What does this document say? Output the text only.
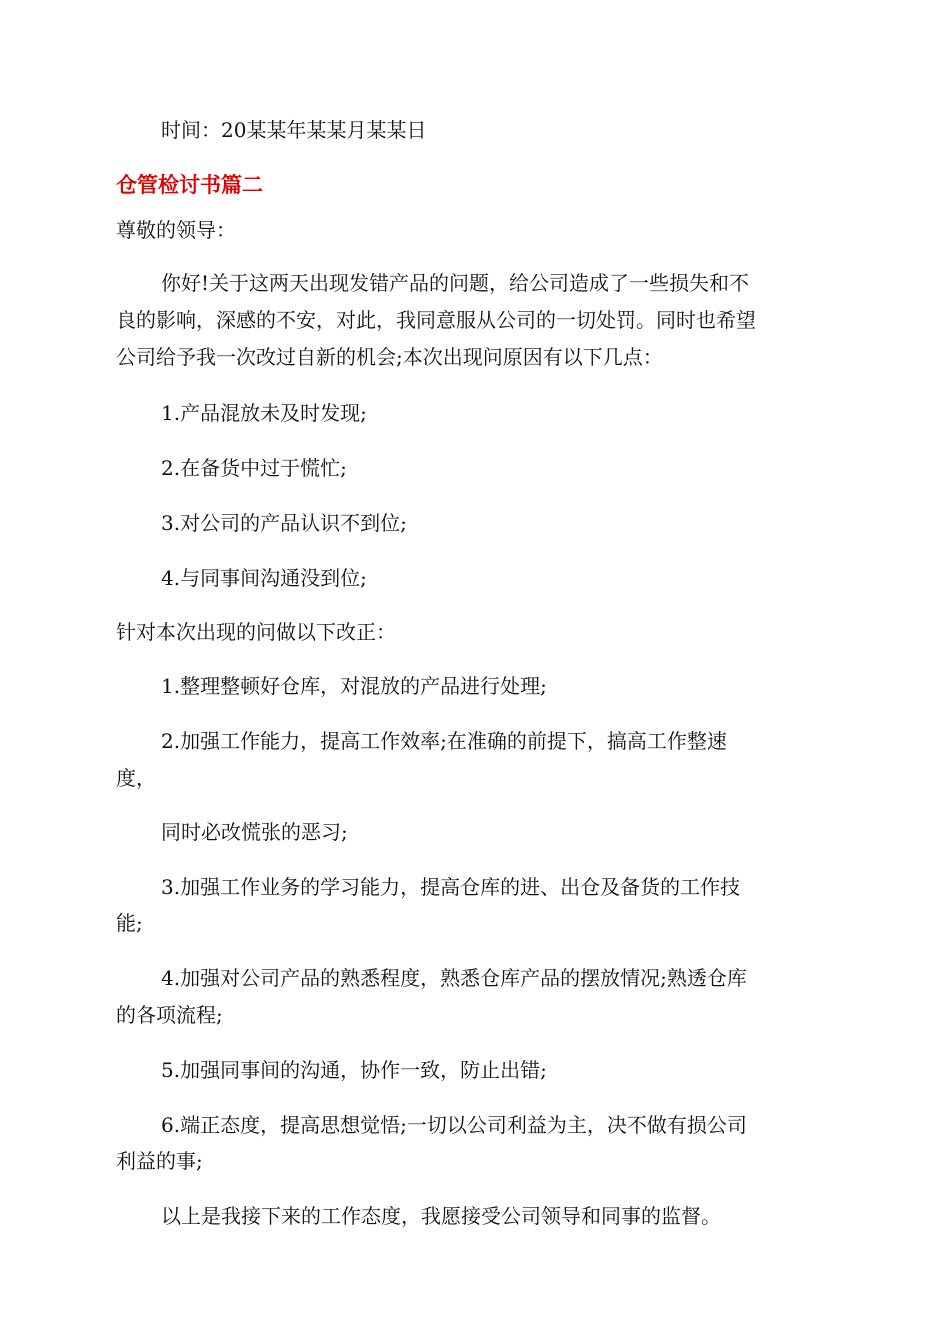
时间：20某某年某某月某某日

仓管检讨书篇二

尊敬的领导：

你好!关于这两天出现发错产品的问题，给公司造成了一些损失和不

良的影响，深感的不安，对此，我同意服从公司的一切处罚。同时也希望

公司给予我一次改过自新的机会;本次出现问原因有以下几点：

1.产品混放未及时发现;

2.在备货中过于慌忙;

3.对公司的产品认识不到位;

4.与同事间沟通没到位;

针对本次出现的问做以下改正：

1.整理整顿好仓库，对混放的产品进行处理;

2.加强工作能力，提高工作效率;在准确的前提下，搞高工作整速

度，

同时必改慌张的恶习;

3.加强工作业务的学习能力，提高仓库的进、出仓及备货的工作技

能;

4.加强对公司产品的熟悉程度，熟悉仓库产品的摆放情况;熟透仓库

的各项流程;

5.加强同事间的沟通，协作一致，防止出错;

6.端正态度，提高思想觉悟;一切以公司利益为主，决不做有损公司

利益的事;

以上是我接下来的工作态度，我愿接受公司领导和同事的监督。
